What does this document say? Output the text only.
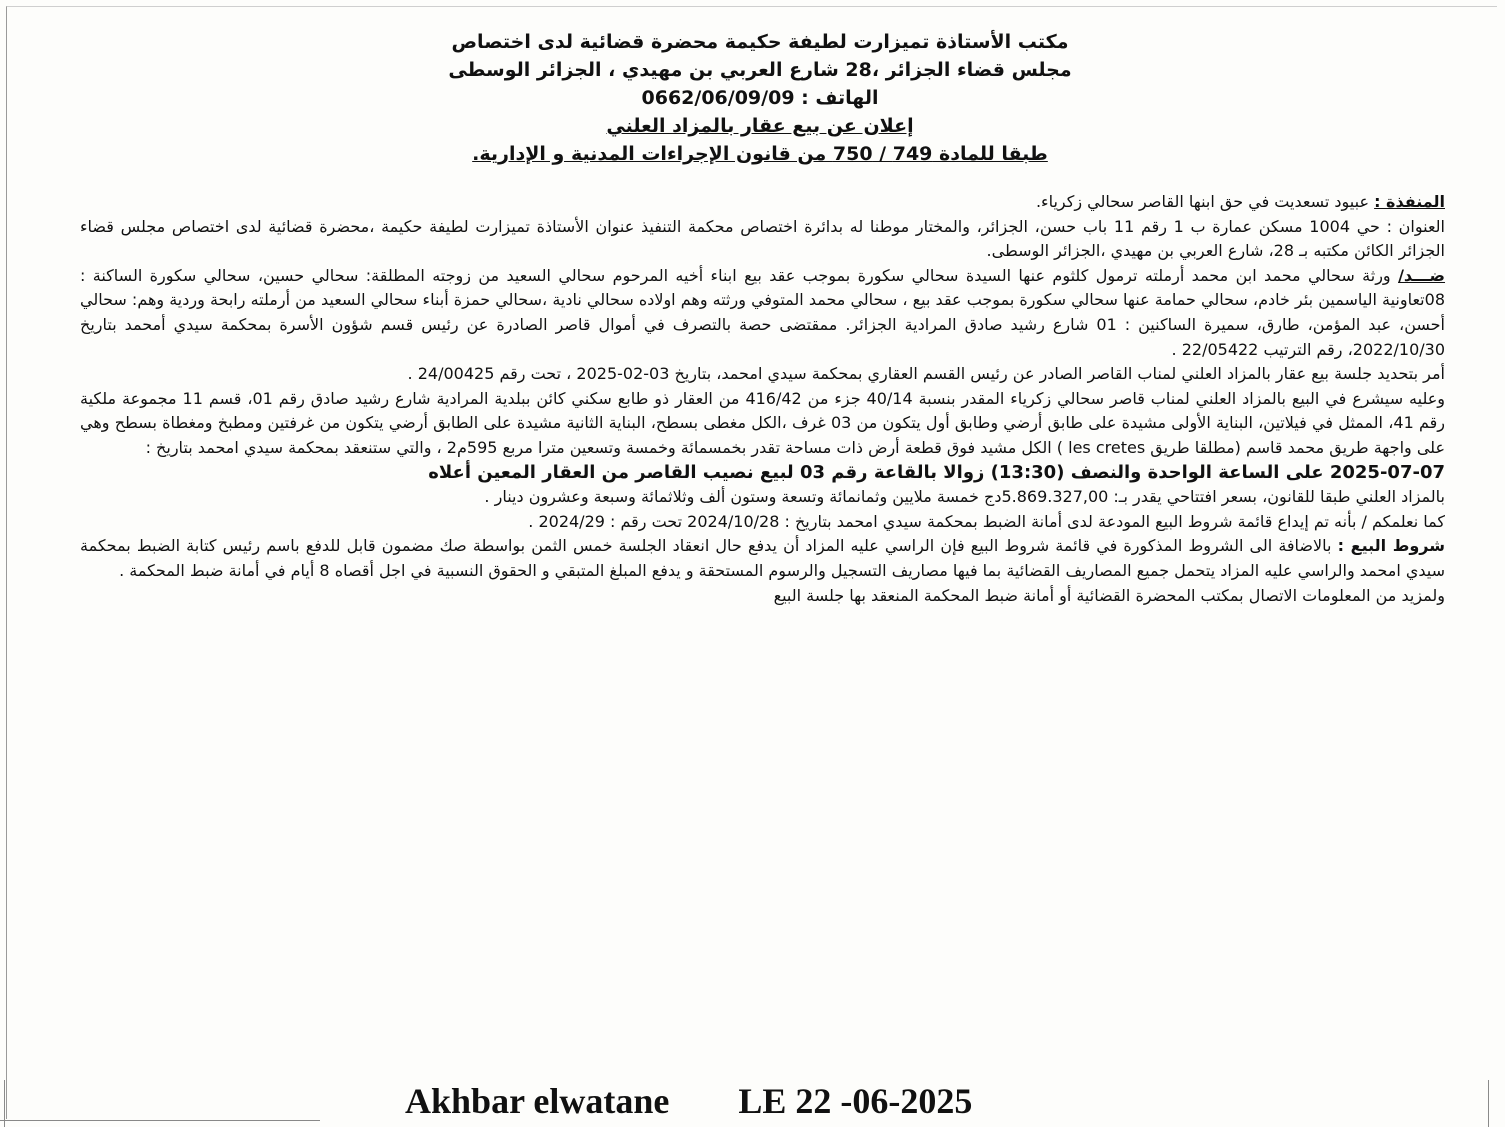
مكتب الأستاذة تميزارت لطيفة حكيمة محضرة قضائية لدى اختصاص
مجلس قضاء الجزائر ،28 شارع العربي بن مهيدي ، الجزائر الوسطى
الهاتف : 0662/06/09/09
إعلان عن بيع عقار بالمزاد العلني
طبقا للمادة 749 / 750 من قانون الإجراءات المدنية و الإدارية.

المنفذة : عبيود تسعديت في حق ابنها القاصر سحالي زكرياء.

العنوان : حي 1004 مسكن عمارة ب 1 رقم 11 باب حسن، الجزائر، والمختار موطنا له بدائرة اختصاص محكمة التنفيذ عنوان الأستاذة تميزارت لطيفة حكيمة ،محضرة قضائية لدى اختصاص مجلس قضاء الجزائر الكائن مكتبه بـ 28، شارع العربي بن مهيدي ،الجزائر الوسطى.

ضـــد/ ورثة سحالي محمد ابن محمد أرملته ترمول كلثوم عنها السيدة سحالي سكورة بموجب عقد بيع ابناء أخيه المرحوم سحالي السعيد من زوجته المطلقة: سحالي حسين، سحالي سكورة الساكنة : 08تعاونية الياسمين بئر خادم، سحالي حمامة عنها سحالي سكورة بموجب عقد بيع ، سحالي محمد المتوفي ورثته وهم اولاده سحالي نادية ،سحالي حمزة أبناء سحالي السعيد من أرملته رابحة وردية وهم: سحالي أحسن، عبد المؤمن، طارق، سميرة الساكنين : 01 شارع رشيد صادق المرادية الجزائر. ممقتضى حصة بالتصرف في أموال قاصر الصادرة عن رئيس قسم شؤون الأسرة بمحكمة سيدي أمحمد بتاريخ 2022/10/30، رقم الترتيب 22/05422 .

أمر بتحديد جلسة بيع عقار بالمزاد العلني لمناب القاصر الصادر عن رئيس القسم العقاري بمحكمة سيدي امحمد، بتاريخ 03-02-2025 ، تحت رقم 24/00425 .

وعليه سيشرع في البيع بالمزاد العلني لمناب قاصر سحالي زكرياء المقدر بنسبة 40/14 جزء من 416/42 من العقار ذو طابع سكني كائن ببلدية المرادية شارع رشيد صادق رقم 01، قسم 11 مجموعة ملكية رقم 41، الممثل في فيلاتين، البناية الأولى مشيدة على طابق أرضي وطابق أول يتكون من 03 غرف ،الكل مغطى بسطح، البناية الثانية مشيدة على الطابق أرضي يتكون من غرفتين ومطبخ ومغطاة بسطح وهي على واجهة طريق محمد قاسم (مطلقا طريق les cretes ) الكل مشيد فوق قطعة أرض ذات مساحة تقدر بخمسمائة وخمسة وتسعين مترا مربع 595م2 ، والتي ستنعقد بمحكمة سيدي امحمد بتاريخ :

2025-07-07 على الساعة الواحدة والنصف (13:30) زوالا بالقاعة رقم 03 لبيع نصيب القاصر من العقار المعين أعلاه

بالمزاد العلني طبقا للقانون، بسعر افتتاحي يقدر بـ: 5.869.327,00دج خمسة ملايين وثمانمائة وتسعة وستون ألف وثلاثمائة وسبعة وعشرون دينار .

كما نعلمكم / بأنه تم إيداع قائمة شروط البيع المودعة لدى أمانة الضبط بمحكمة سيدي امحمد بتاريخ : 2024/10/28 تحت رقم : 2024/29 .

شروط البيع : بالاضافة الى الشروط المذكورة في قائمة شروط البيع فإن الراسي عليه المزاد أن يدفع حال انعقاد الجلسة خمس الثمن بواسطة صك مضمون قابل للدفع باسم رئيس كتابة الضبط بمحكمة سيدي امحمد والراسي عليه المزاد يتحمل جميع المصاريف القضائية بما فيها مصاريف التسجيل والرسوم المستحقة و يدفع المبلغ المتبقي و الحقوق النسبية في اجل أقصاه 8 أيام في أمانة ضبط المحكمة .

ولمزيد من المعلومات الاتصال بمكتب المحضرة القضائية أو أمانة ضبط المحكمة المنعقد بها جلسة البيع

Akhbar elwatane LE 22 -06-2025
